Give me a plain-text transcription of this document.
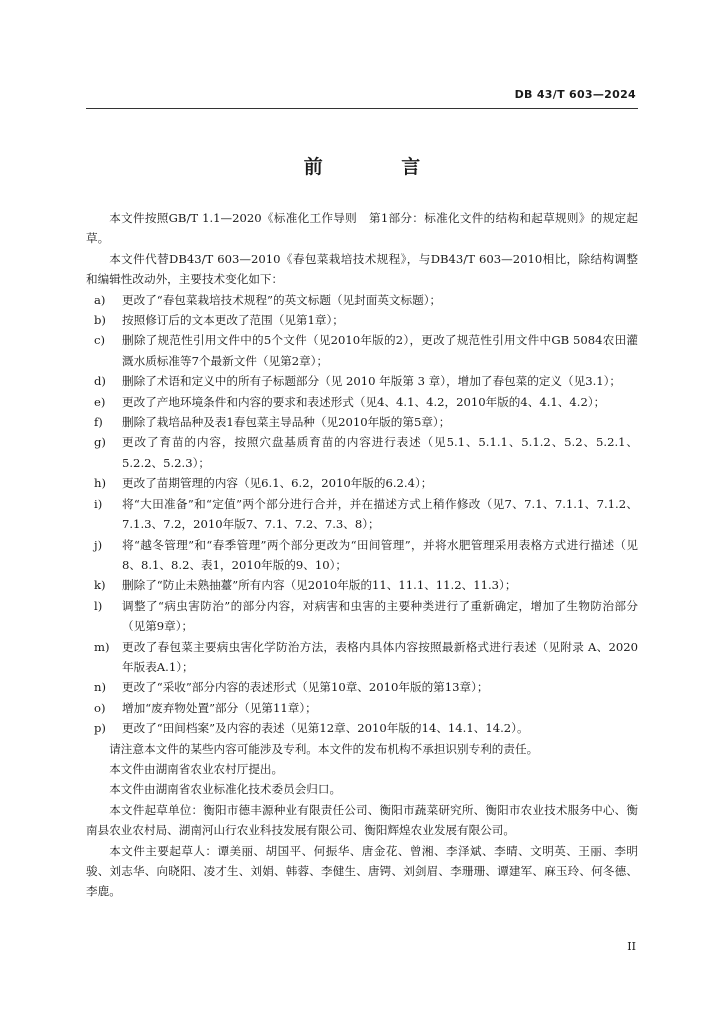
DB 43/T 603—2024
前 言

本文件按照GB/T 1.1—2020《标准化工作导则　第1部分：标准化文件的结构和起草规则》的规定起草。

本文件代替DB43/T 603—2010《春包菜栽培技术规程》，与DB43/T 603—2010相比，除结构调整和编辑性改动外，主要技术变化如下：

a)	更改了“春包菜栽培技术规程”的英文标题（见封面英文标题）；
b)	按照修订后的文本更改了范围（见第1章）；
c)	删除了规范性引用文件中的5个文件（见2010年版的2），更改了规范性引用文件中GB 5084农田灌溉水质标准等7个最新文件（见第2章）；
d)	删除了术语和定义中的所有子标题部分（见 2010 年版第 3 章），增加了春包菜的定义（见3.1）；
e)	更改了产地环境条件和内容的要求和表述形式（见4、4.1、4.2，2010年版的4、4.1、4.2）；
f)	删除了栽培品种及表1春包菜主导品种（见2010年版的第5章）；
g)	更改了育苗的内容，按照穴盘基质育苗的内容进行表述（见5.1、5.1.1、5.1.2、5.2、5.2.1、5.2.2、5.2.3）；
h)	更改了苗期管理的内容（见6.1、6.2，2010年版的6.2.4）；
i)	将“大田准备”和“定值”两个部分进行合并，并在描述方式上稍作修改（见7、7.1、7.1.1、7.1.2、7.1.3、7.2，2010年版7、7.1、7.2、7.3、8）；
j)	将“越冬管理”和“春季管理”两个部分更改为“田间管理”，并将水肥管理采用表格方式进行描述（见8、8.1、8.2、表1，2010年版的9、10）；
k)	删除了“防止未熟抽薹”所有内容（见2010年版的11、11.1、11.2、11.3）；
l)	调整了“病虫害防治”的部分内容，对病害和虫害的主要种类进行了重新确定，增加了生物防治部分（见第9章）；
m)	更改了春包菜主要病虫害化学防治方法，表格内具体内容按照最新格式进行表述（见附录 A、2020年版表A.1）；
n)	更改了“采收”部分内容的表述形式（见第10章、2010年版的第13章）；
o)	增加“废弃物处置”部分（见第11章）；
p)	更改了“田间档案”及内容的表述（见第12章、2010年版的14、14.1、14.2）。

请注意本文件的某些内容可能涉及专利。本文件的发布机构不承担识别专利的责任。

本文件由湖南省农业农村厅提出。

本文件由湖南省农业标准化技术委员会归口。

本文件起草单位：衡阳市德丰源种业有限责任公司、衡阳市蔬菜研究所、衡阳市农业技术服务中心、衡南县农业农村局、湖南河山行农业科技发展有限公司、衡阳辉煌农业发展有限公司。

本文件主要起草人：谭美丽、胡国平、何振华、唐金花、曾湘、李泽斌、李晴、文明英、王丽、李明骏、刘志华、向晓阳、凌才生、刘娟、韩蓉、李健生、唐锷、刘剑眉、李珊珊、谭建军、麻玉玲、何冬德、李鹿。

II
